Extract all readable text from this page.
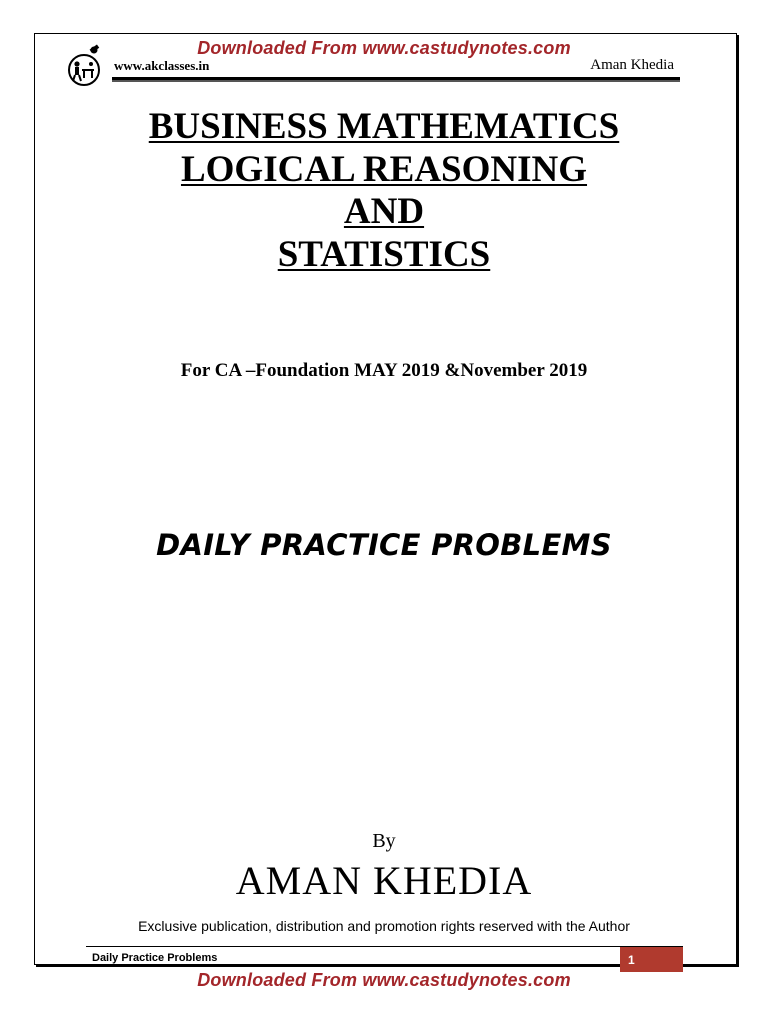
Downloaded From www.castudynotes.com
www.akclasses.in	Aman Khedia
BUSINESS MATHEMATICS
LOGICAL REASONING
AND
STATISTICS
For CA –Foundation MAY 2019 &November 2019
DAILY PRACTICE PROBLEMS
By
AMAN KHEDIA
Exclusive publication, distribution and promotion rights reserved with the Author
Daily Practice Problems	1
Downloaded From www.castudynotes.com
